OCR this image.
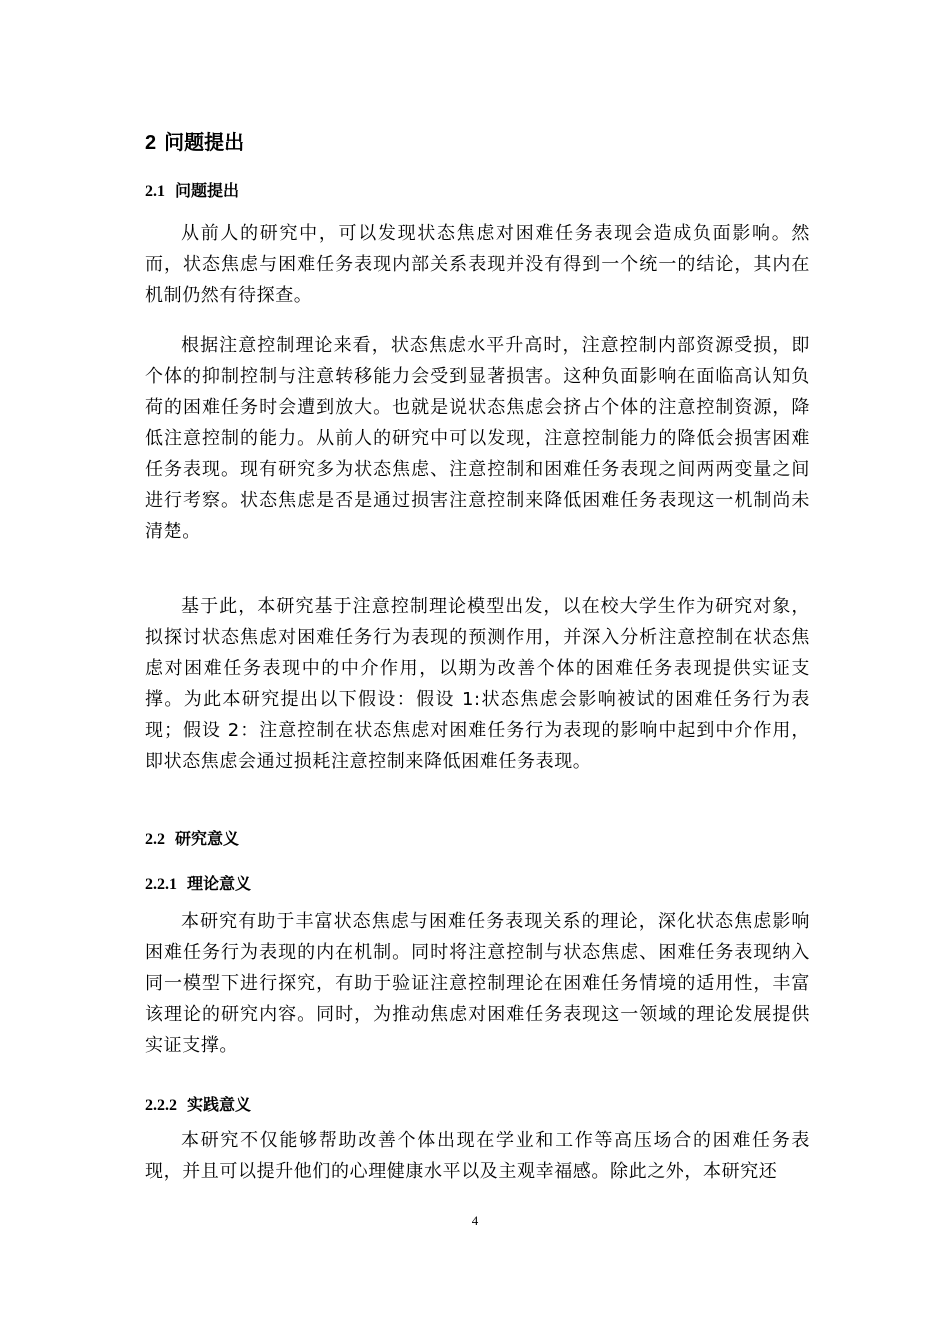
2 问题提出
2.1 问题提出

从前人的研究中，可以发现状态焦虑对困难任务表现会造成负面影响。然而，状态焦虑与困难任务表现内部关系表现并没有得到一个统一的结论，其内在机制仍然有待探查。

根据注意控制理论来看，状态焦虑水平升高时，注意控制内部资源受损，即个体的抑制控制与注意转移能力会受到显著损害。这种负面影响在面临高认知负荷的困难任务时会遭到放大。也就是说状态焦虑会挤占个体的注意控制资源，降低注意控制的能力。从前人的研究中可以发现，注意控制能力的降低会损害困难任务表现。现有研究多为状态焦虑、注意控制和困难任务表现之间两两变量之间进行考察。状态焦虑是否是通过损害注意控制来降低困难任务表现这一机制尚未清楚。

基于此，本研究基于注意控制理论模型出发，以在校大学生作为研究对象，拟探讨状态焦虑对困难任务行为表现的预测作用，并深入分析注意控制在状态焦虑对困难任务表现中的中介作用，以期为改善个体的困难任务表现提供实证支撑。为此本研究提出以下假设：假设 1:状态焦虑会影响被试的困难任务行为表现；假设 2：注意控制在状态焦虑对困难任务行为表现的影响中起到中介作用，即状态焦虑会通过损耗注意控制来降低困难任务表现。

2.2 研究意义
2.2.1 理论意义

本研究有助于丰富状态焦虑与困难任务表现关系的理论，深化状态焦虑影响困难任务行为表现的内在机制。同时将注意控制与状态焦虑、困难任务表现纳入同一模型下进行探究，有助于验证注意控制理论在困难任务情境的适用性，丰富该理论的研究内容。同时，为推动焦虑对困难任务表现这一领域的理论发展提供实证支撑。

2.2.2 实践意义

本研究不仅能够帮助改善个体出现在学业和工作等高压场合的困难任务表现，并且可以提升他们的心理健康水平以及主观幸福感。除此之外，本研究还

4
